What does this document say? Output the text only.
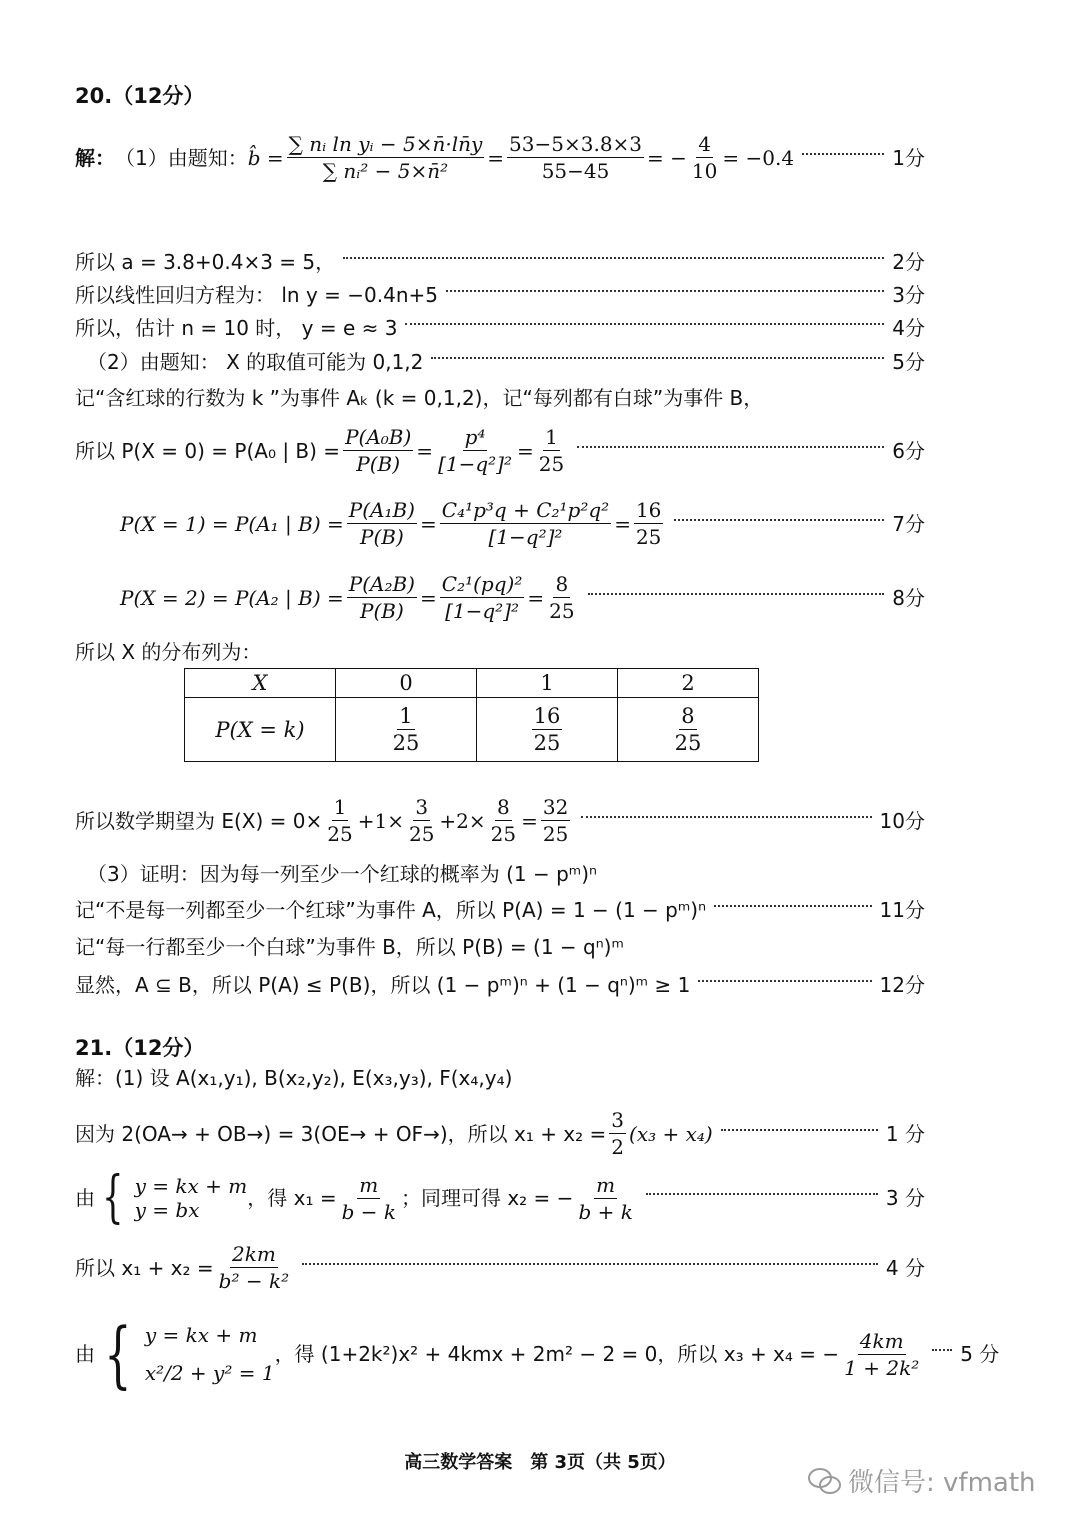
20.（12分）
解： （1）由题知： b̂ = $\frac{\text{∑ nᵢ ln yᵢ − 5×n̄·ln̄y}}{\text{∑ nᵢ² − 5×n̄²}} = \frac{53-5\times 3.8\times 3}{55-45}$ = − $\frac{4}{10} = -0.4$	1分
所以 a = 3.8+0.4×3 = 5，	2分
所以线性回归方程为： ln y = −0.4n+5	3分
所以，估计 n = 10 时， y = e ≈ 3	4分
（2）由题知： X 的取值可能为 0,1,2	5分
记“含红球的行数为 k ”为事件 Aₖ (k = 0,1,2)，记“每列都有白球”为事件 B，
所以 P(X = 0) = P(A₀ | $B) = \frac{\text{P(A₀B)}}{P(B)} = \frac{\text{p⁴}}{\text{[1−q²]²}} = \frac{1}{25}$	6分
P(X = 1) = P(A₁ | $B) = \frac{\text{P(A₁B)}}{P(B)} = \frac{\text{C₄¹p³q + C₂¹p²q²}}{\text{[1−q²]²}} = \frac{16}{25}$	7分
P(X = 2) = P(A₂ | $B) = \frac{\text{P(A₂B)}}{P(B)} = \frac{\text{C₂¹(pq)²}}{\text{[1−q²]²}} = \frac{8}{25}$	8分
所以 X 的分布列为：
X	0	1	2
P(X = k)	$\frac{1}{25}$	$\frac{16}{25}$	$\frac{8}{25}$
所以数学期望为 $E(X) = 0\times \frac{1}{25} +1\times \frac{3}{25} +2\times \frac{8}{25} = \frac{32}{25}$	10分
（3）证明：因为每一列至少一个红球的概率为 (1 − pᵐ)ⁿ
记“不是每一列都至少一个红球”为事件 A，所以 P(A) = 1 − (1 − pᵐ)ⁿ	11分
记“每一行都至少一个白球”为事件 B，所以 P(B) = (1 − qⁿ)ᵐ
显然，A ⊆ B，所以 P(A) ≤ P(B)，所以 (1 − pᵐ)ⁿ + (1 − qⁿ)ᵐ ≥ 1	12分
21.（12分）
解：(1) 设 A(x₁,y₁), B(x₂,y₂), E(x₃,y₃), F(x₄,y₄)
因为 2(OA→ + OB→) = 3(OE→ + OF→)，所以 $x_1 + x_2 = \frac{3}{2} (x_3 + x_4)$	1 分
由 { y = kx + m
y = bx	，得 $x_1 = \frac{m}{b - k}$ ；同理可得 x₂ = − $\frac{m}{b + k}$	3 分
所以 $x_1 + x_2 = \frac{2km}{\text{b² − k²}}$	4 分
由 { y = kx + m
x²/2 + y² = 1
，得 (1+2k²)x² + 4kmx + 2m² − 2 = 0，所以 x₃ + x₄ = − $\frac{4km}{\text{1 + 2k²}} 5$ 分
高三数学答案　第 3页（共 5页）
微信号: vfmath
